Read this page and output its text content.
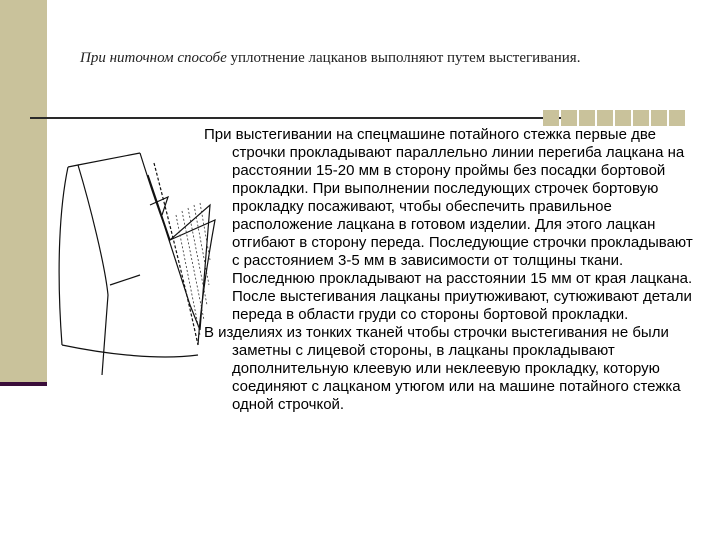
При ниточном способе уплотнение лацканов выполняют путем выстегивания.

При выстегивании на спецмашине потайного стежка первые две строчки прокладывают параллельно линии перегиба лацкана на расстоянии 15-20 мм в сторону проймы без посадки бортовой прокладки. При выполнении последующих строчек бортовую прокладку посаживают, чтобы обеспечить правильное расположение лацкана в готовом изделии. Для этого лацкан отгибают в сторону переда. Последующие строчки прокладывают с расстоянием 3-5 мм в зависимости от толщины ткани. Последнюю прокладывают на расстоянии 15 мм от края лацкана. После выстегивания лацканы приутюживают, сутюживают детали переда в области груди со стороны бортовой прокладки.

В изделиях из тонких тканей чтобы строчки выстегивания не были заметны с лицевой стороны, в лацканы прокладывают дополнительную клеевую или неклеевую прокладку, которую соединяют с лацканом утюгом или на машине потайного стежка одной строчкой.
